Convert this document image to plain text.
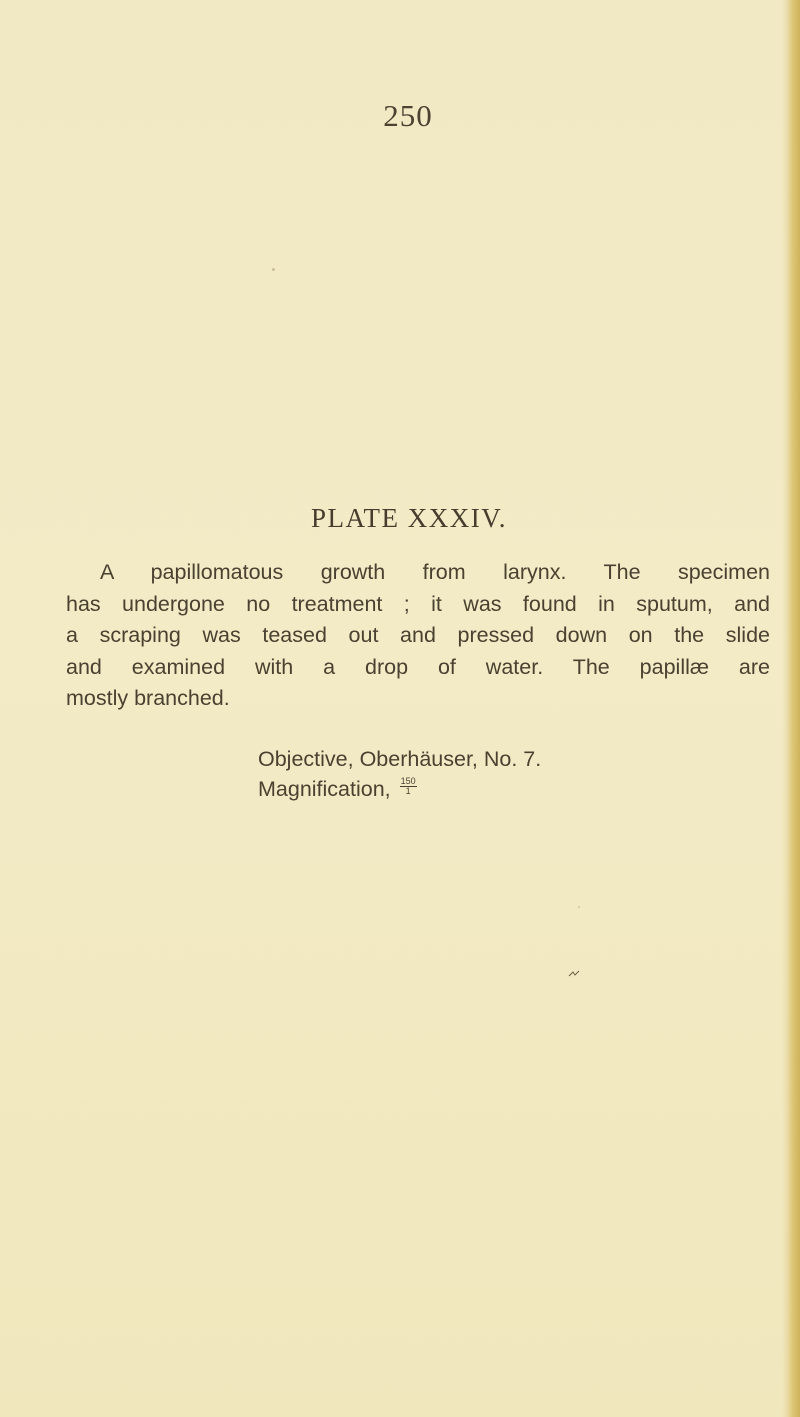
250
PLATE XXXIV.
A papillomatous growth from larynx. The specimen
has undergone no treatment ; it was found in sputum, and
a scraping was teased out and pressed down on the slide
and examined with a drop of water. The papillæ are
mostly branched.
Objective, Oberhäuser, No. 7.
Magnification, $\frac{150}{1}$
